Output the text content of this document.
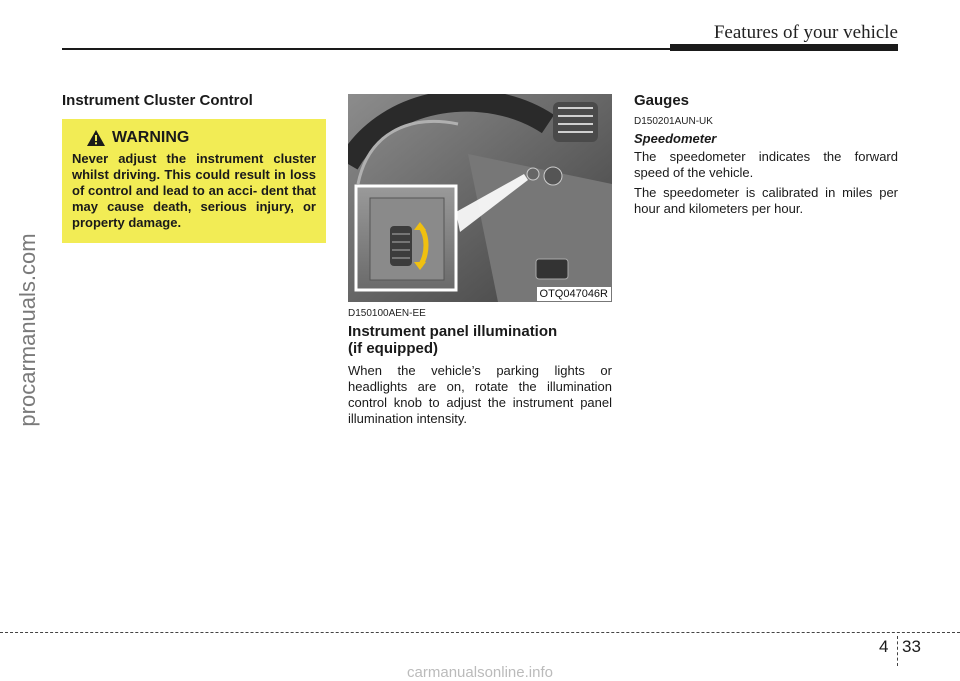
Features of your vehicle
procarmanuals.com
Instrument Cluster Control
WARNING
Never adjust the instrument cluster whilst driving. This could result in loss of control and lead to an acci- dent that may cause death, serious injury, or property damage.
OTQ047046R
D150100AEN-EE
Instrument panel illumination
(if equipped)
When the vehicle’s parking lights or headlights are on, rotate the illumination control knob to adjust the instrument panel illumination intensity.
Gauges
D150201AUN-UK
Speedometer

The speedometer indicates the forward speed of the vehicle.

The speedometer is calibrated in miles per hour and kilometers per hour.

4 33
carmanualsonline.info
